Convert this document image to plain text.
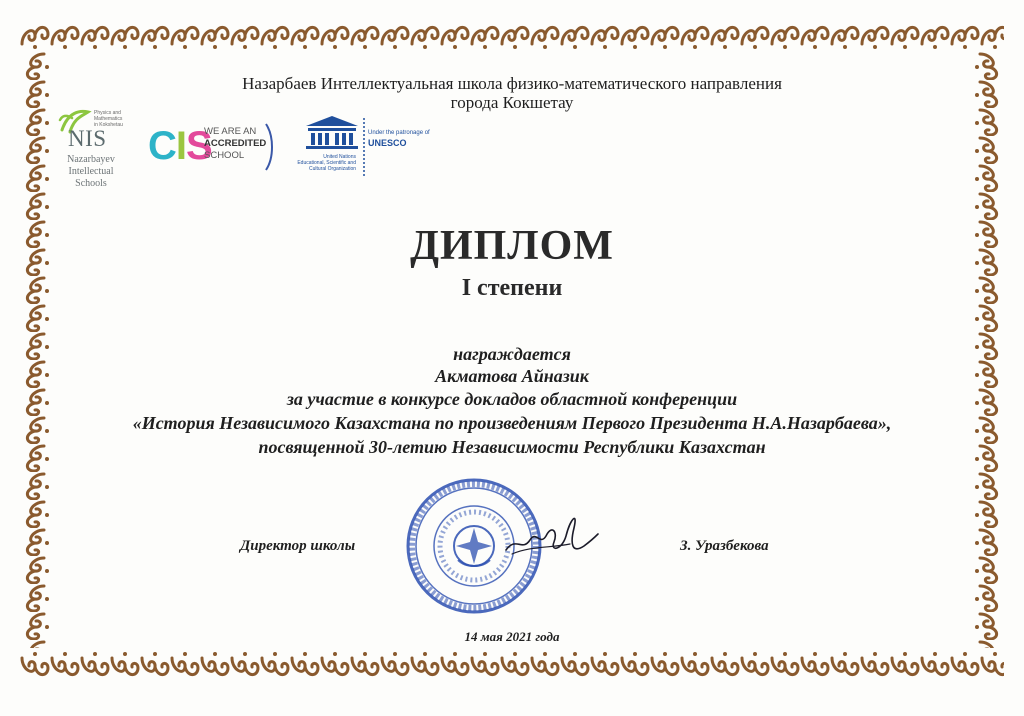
Назарбаев Интеллектуальная школа физико-математического направления
города Кокшетау
Physics and
Mathematics
in Kokshetau
NIS
Nazarbayev
Intellectual
Schools
CIS
WE ARE AN
ACCREDITED
SCHOOL	United Nations
Educational, Scientific and
Cultural Organization
Under the patronage of
UNESCO
ДИПЛОМ
I степени
награждается
Акматова Айназик
за участие в конкурсе докладов областной конференции
«История Независимого Казахстана по произведениям Первого Президента Н.А.Назарбаева»,
посвященной 30-летию Независимости Республики Казахстан
Директор школы	З. Уразбекова
14 мая 2021 года
